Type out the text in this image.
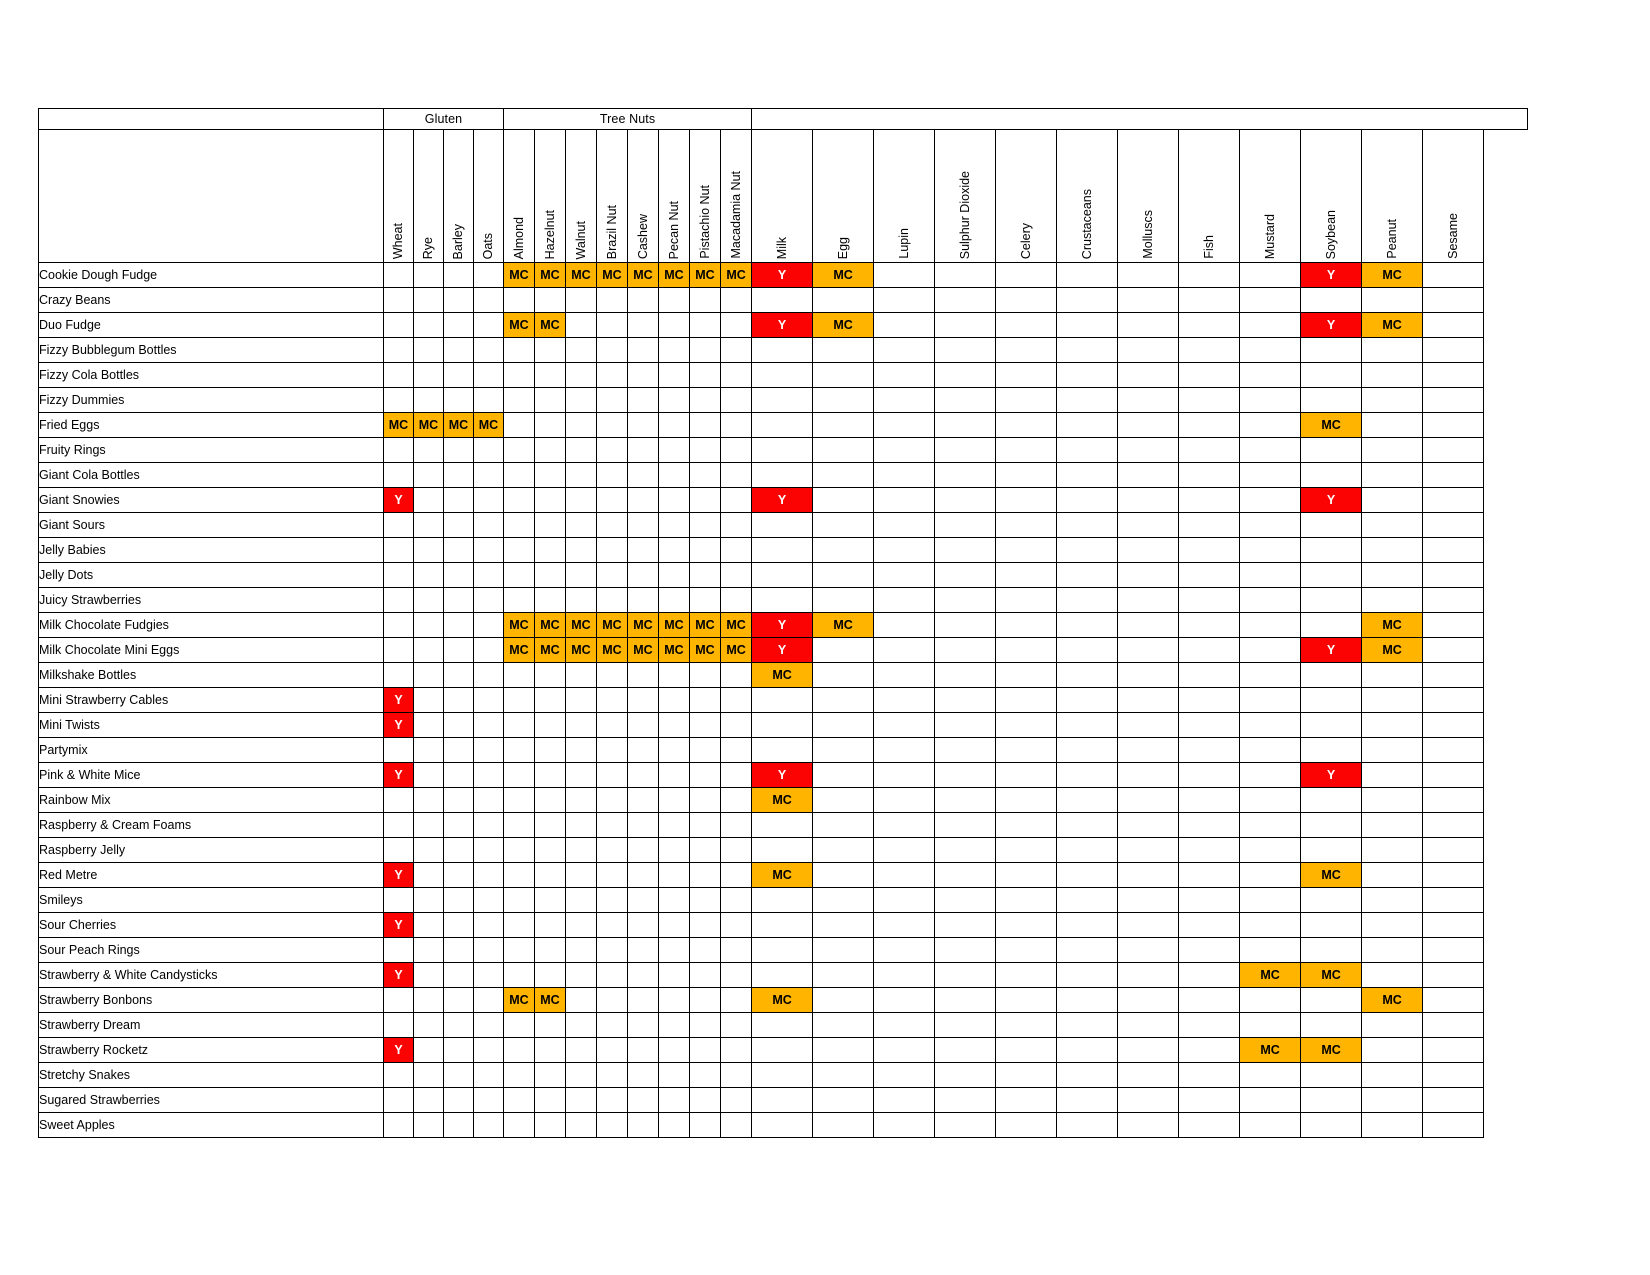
	Gluten				Tree Nuts																			
	Wheat	Rye	Barley	Oats	Almond	Hazelnut	Walnut	Brazil Nut	Cashew	Pecan Nut	Pistachio Nut	Macadamia Nut	Milk	Egg	Lupin	Sulphur Dioxide	Celery	Crustaceans	Molluscs	Fish	Mustard	Soybean	Peanut	Sesame
Cookie Dough Fudge					MC	MC	MC	MC	MC	MC	MC	MC	Y	MC								Y	MC	

Crazy Beans																								
Duo Fudge					MC	MC							Y	MC								Y	MC	

Fizzy Bubblegum Bottles																								
Fizzy Cola Bottles																								
Fizzy Dummies																								
Fried Eggs	MC	MC	MC	MC																		MC		

Fruity Rings																								
Giant Cola Bottles																								
Giant Snowies	Y												Y									Y		

Giant Sours																								
Jelly Babies																								
Jelly Dots																								
Juicy Strawberries																								
Milk Chocolate Fudgies					MC	MC	MC	MC	MC	MC	MC	MC	Y	MC									MC	

Milk Chocolate Mini Eggs					MC	MC	MC	MC	MC	MC	MC	MC	Y									Y	MC	

Milkshake Bottles													MC											

Mini Strawberry Cables	Y																							

Mini Twists	Y																							

Partymix																								
Pink & White Mice	Y												Y									Y		

Rainbow Mix													MC											

Raspberry & Cream Foams																								
Raspberry Jelly																								
Red Metre	Y												MC									MC		

Smileys																								
Sour Cherries	Y																							

Sour Peach Rings																								
Strawberry & White Candysticks	Y																				MC	MC		

Strawberry Bonbons					MC	MC							MC										MC	

Strawberry Dream																								
Strawberry Rocketz	Y																				MC	MC		

Stretchy Snakes																								
Sugared Strawberries																								
Sweet Apples																								
